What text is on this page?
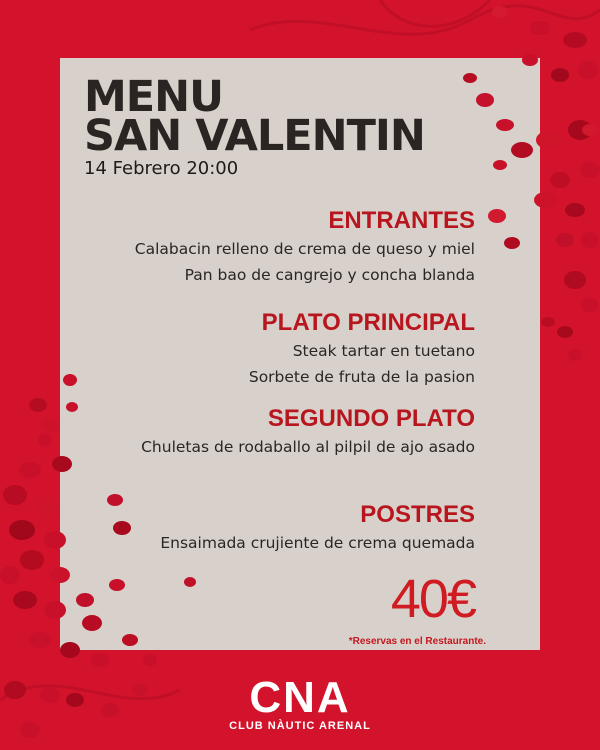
MENU
SAN VALENTIN
14 Febrero 20:00
ENTRANTES
Calabacin relleno de crema de queso y miel
Pan bao de cangrejo y concha blanda
PLATO PRINCIPAL
Steak tartar en tuetano
Sorbete de fruta de la pasion
SEGUNDO PLATO
Chuletas de rodaballo al pilpil de ajo asado
POSTRES
Ensaimada crujiente de crema quemada
40€
*Reservas en el Restaurante.
CNA
CLUB NÀUTIC ARENAL
